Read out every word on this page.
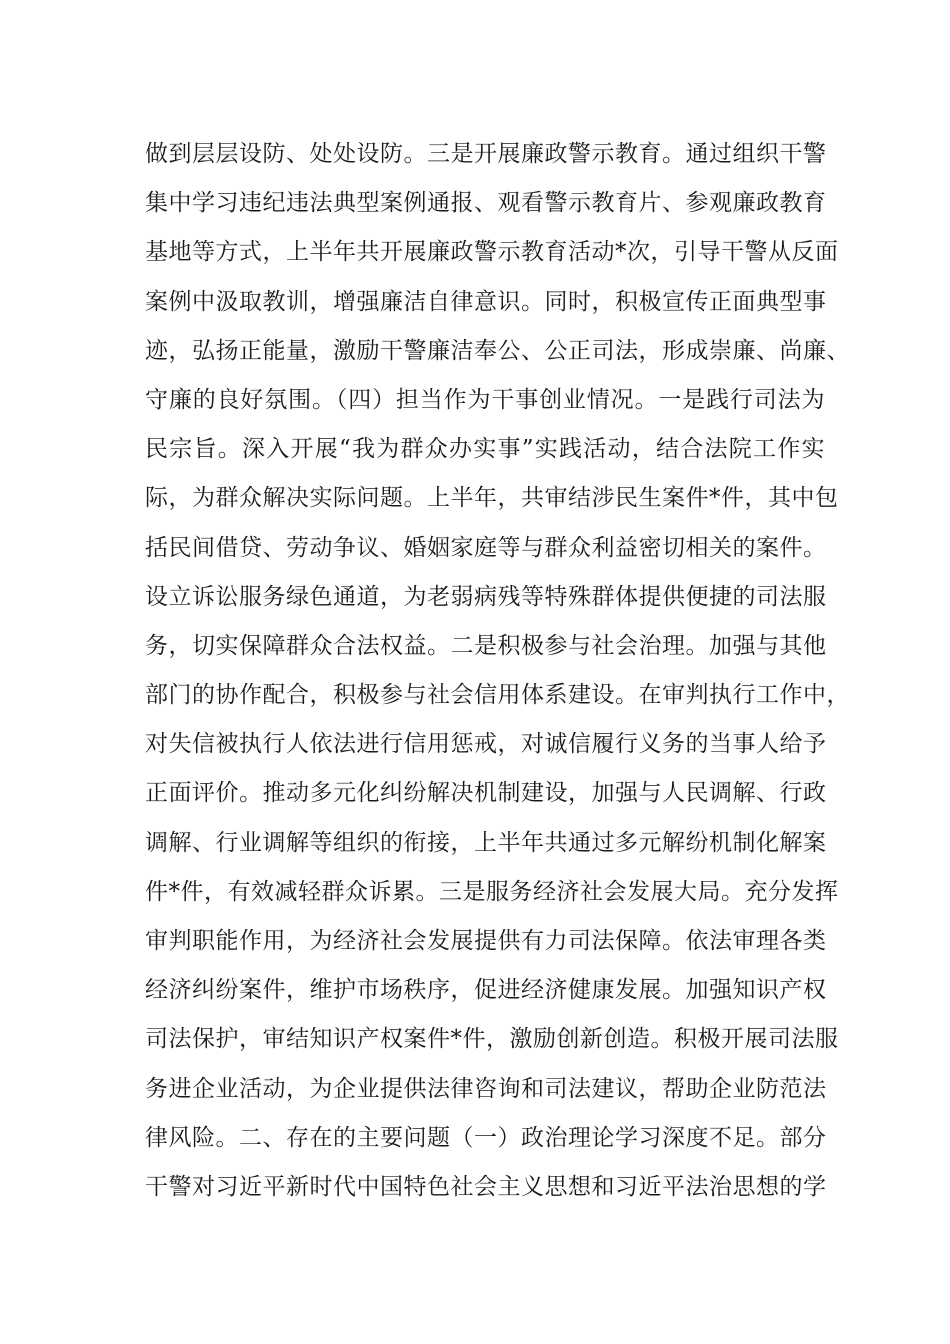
做到层层设防、处处设防。三是开展廉政警示教育。通过组织干警
集中学习违纪违法典型案例通报、观看警示教育片、参观廉政教育
基地等方式，上半年共开展廉政警示教育活动*次，引导干警从反面
案例中汲取教训，增强廉洁自律意识。同时，积极宣传正面典型事
迹，弘扬正能量，激励干警廉洁奉公、公正司法，形成崇廉、尚廉、
守廉的良好氛围。（四）担当作为干事创业情况。一是践行司法为
民宗旨。深入开展“我为群众办实事”实践活动，结合法院工作实
际，为群众解决实际问题。上半年，共审结涉民生案件*件，其中包
括民间借贷、劳动争议、婚姻家庭等与群众利益密切相关的案件。
设立诉讼服务绿色通道，为老弱病残等特殊群体提供便捷的司法服
务，切实保障群众合法权益。二是积极参与社会治理。加强与其他
部门的协作配合，积极参与社会信用体系建设。在审判执行工作中，
对失信被执行人依法进行信用惩戒，对诚信履行义务的当事人给予
正面评价。推动多元化纠纷解决机制建设，加强与人民调解、行政
调解、行业调解等组织的衔接，上半年共通过多元解纷机制化解案
件*件，有效减轻群众诉累。三是服务经济社会发展大局。充分发挥
审判职能作用，为经济社会发展提供有力司法保障。依法审理各类
经济纠纷案件，维护市场秩序，促进经济健康发展。加强知识产权
司法保护，审结知识产权案件*件，激励创新创造。积极开展司法服
务进企业活动，为企业提供法律咨询和司法建议，帮助企业防范法
律风险。二、存在的主要问题（一）政治理论学习深度不足。部分
干警对习近平新时代中国特色社会主义思想和习近平法治思想的学
